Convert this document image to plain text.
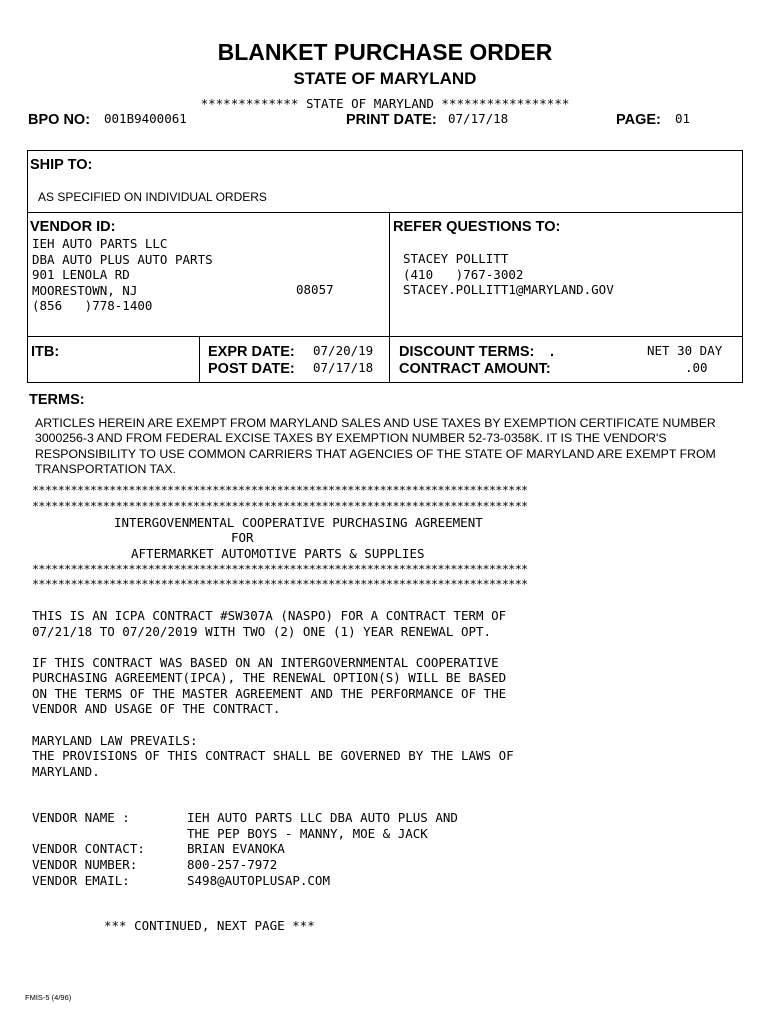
BLANKET PURCHASE ORDER
STATE OF MARYLAND
************* STATE OF MARYLAND *****************
BPO NO: 001B9400061	PRINT DATE: 07/17/18	PAGE: 01
SHIP TO:
AS SPECIFIED ON INDIVIDUAL ORDERS
VENDOR ID:
IEH AUTO PARTS LLC
DBA AUTO PLUS AUTO PARTS
901 LENOLA RD
MOORESTOWN, NJ
(856   )778-1400
08057
REFER QUESTIONS TO:
STACEY POLLITT
(410   )767-3002
STACEY.POLLITT1@MARYLAND.GOV
ITB:	EXPR DATE: 07/20/19
POST DATE: 07/17/18
DISCOUNT TERMS: .	NET 30 DAY
CONTRACT AMOUNT:	.00
TERMS:
ARTICLES HEREIN ARE EXEMPT FROM MARYLAND SALES AND USE TAXES BY EXEMPTION CERTIFICATE NUMBER 3000256-3 AND FROM FEDERAL EXCISE TAXES BY EXEMPTION NUMBER 52-73-0358K. IT IS THE VENDOR'S RESPONSIBILITY TO USE COMMON CARRIERS THAT AGENCIES OF THE STATE OF MARYLAND ARE EXEMPT FROM TRANSPORTATION TAX.
*****************************************************************************
*****************************************************************************
INTERGOVENMENTAL COOPERATIVE PURCHASING AGREEMENT
FOR
AFTERMARKET AUTOMOTIVE PARTS & SUPPLIES
*****************************************************************************
*****************************************************************************
THIS IS AN ICPA CONTRACT #SW307A (NASPO) FOR A CONTRACT TERM OF
07/21/18 TO 07/20/2019 WITH TWO (2) ONE (1) YEAR RENEWAL OPT.
IF THIS CONTRACT WAS BASED ON AN INTERGOVERNMENTAL COOPERATIVE
PURCHASING AGREEMENT(IPCA), THE RENEWAL OPTION(S) WILL BE BASED
ON THE TERMS OF THE MASTER AGREEMENT AND THE PERFORMANCE OF THE
VENDOR AND USAGE OF THE CONTRACT.
MARYLAND LAW PREVAILS:
THE PROVISIONS OF THIS CONTRACT SHALL BE GOVERNED BY THE LAWS OF
MARYLAND.
VENDOR NAME :	IEH AUTO PARTS LLC DBA AUTO PLUS AND
THE PEP BOYS - MANNY, MOE & JACK
VENDOR CONTACT:	BRIAN EVANOKA
VENDOR NUMBER:	800-257-7972
VENDOR EMAIL:	S498@AUTOPLUSAP.COM
*** CONTINUED, NEXT PAGE ***
FMIS-5 (4/96)
